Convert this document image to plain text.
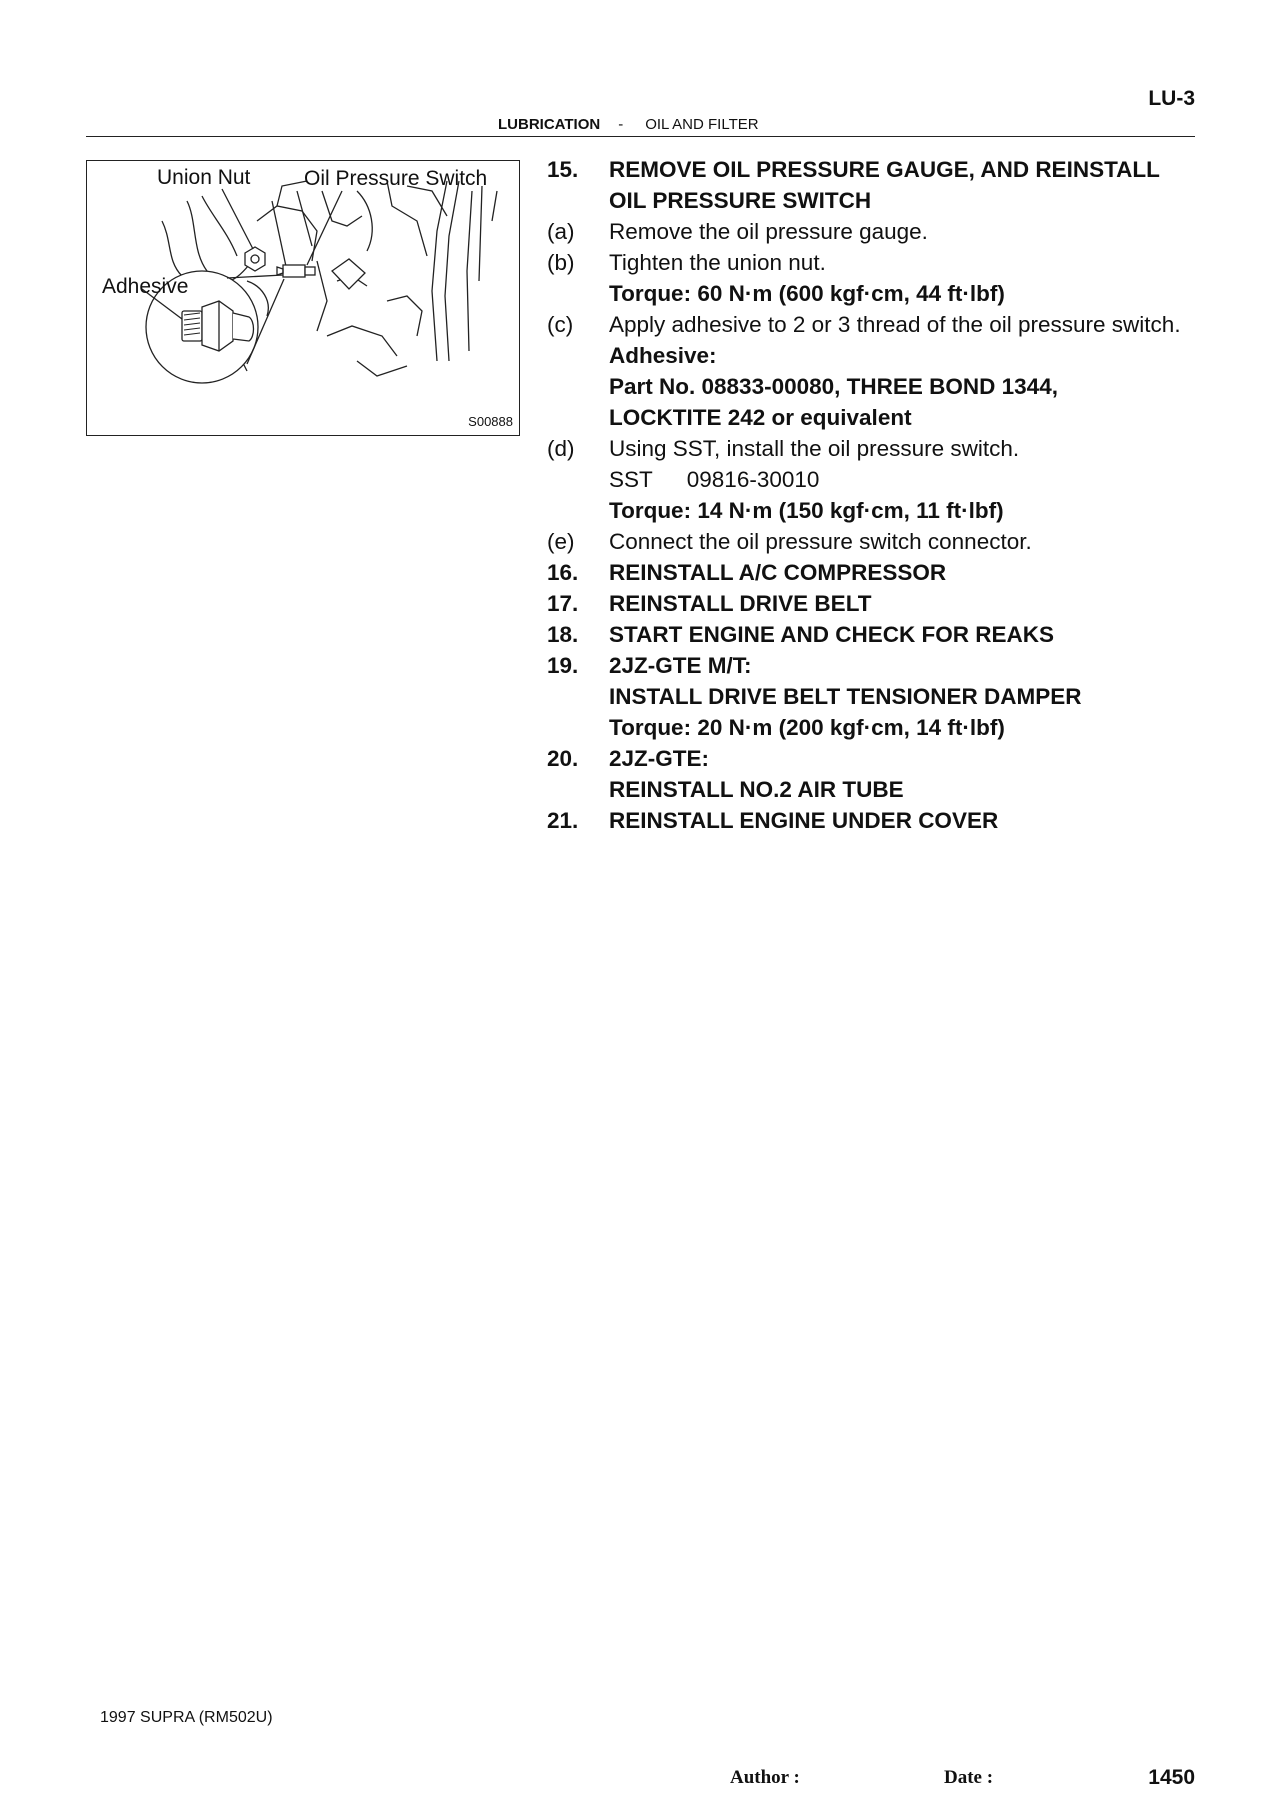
LU-3
LUBRICATION - OIL AND FILTER
Union Nut	Oil Pressure Switch
Adhesive
S00888
15. REMOVE OIL PRESSURE GAUGE, AND REINSTALL
OIL PRESSURE SWITCH
(a) Remove the oil pressure gauge.
(b) Tighten the union nut.
Torque: 60 N·m (600 kgf·cm, 44 ft·lbf)
(c) Apply adhesive to 2 or 3 thread of the oil pressure switch.
Adhesive:
Part No. 08833-00080, THREE BOND 1344,
LOCKTITE 242 or equivalent
(d) Using SST, install the oil pressure switch.
SST 09816-30010
Torque: 14 N·m (150 kgf·cm, 11 ft·lbf)
(e) Connect the oil pressure switch connector.
16. REINSTALL A/C COMPRESSOR
17. REINSTALL DRIVE BELT
18. START ENGINE AND CHECK FOR REAKS
19. 2JZ-GTE M/T:
INSTALL DRIVE BELT TENSIONER DAMPER
Torque: 20 N·m (200 kgf·cm, 14 ft·lbf)
20. 2JZ-GTE:
REINSTALL NO.2 AIR TUBE
21. REINSTALL ENGINE UNDER COVER
1997 SUPRA (RM502U)
Author :	Date :	1450
